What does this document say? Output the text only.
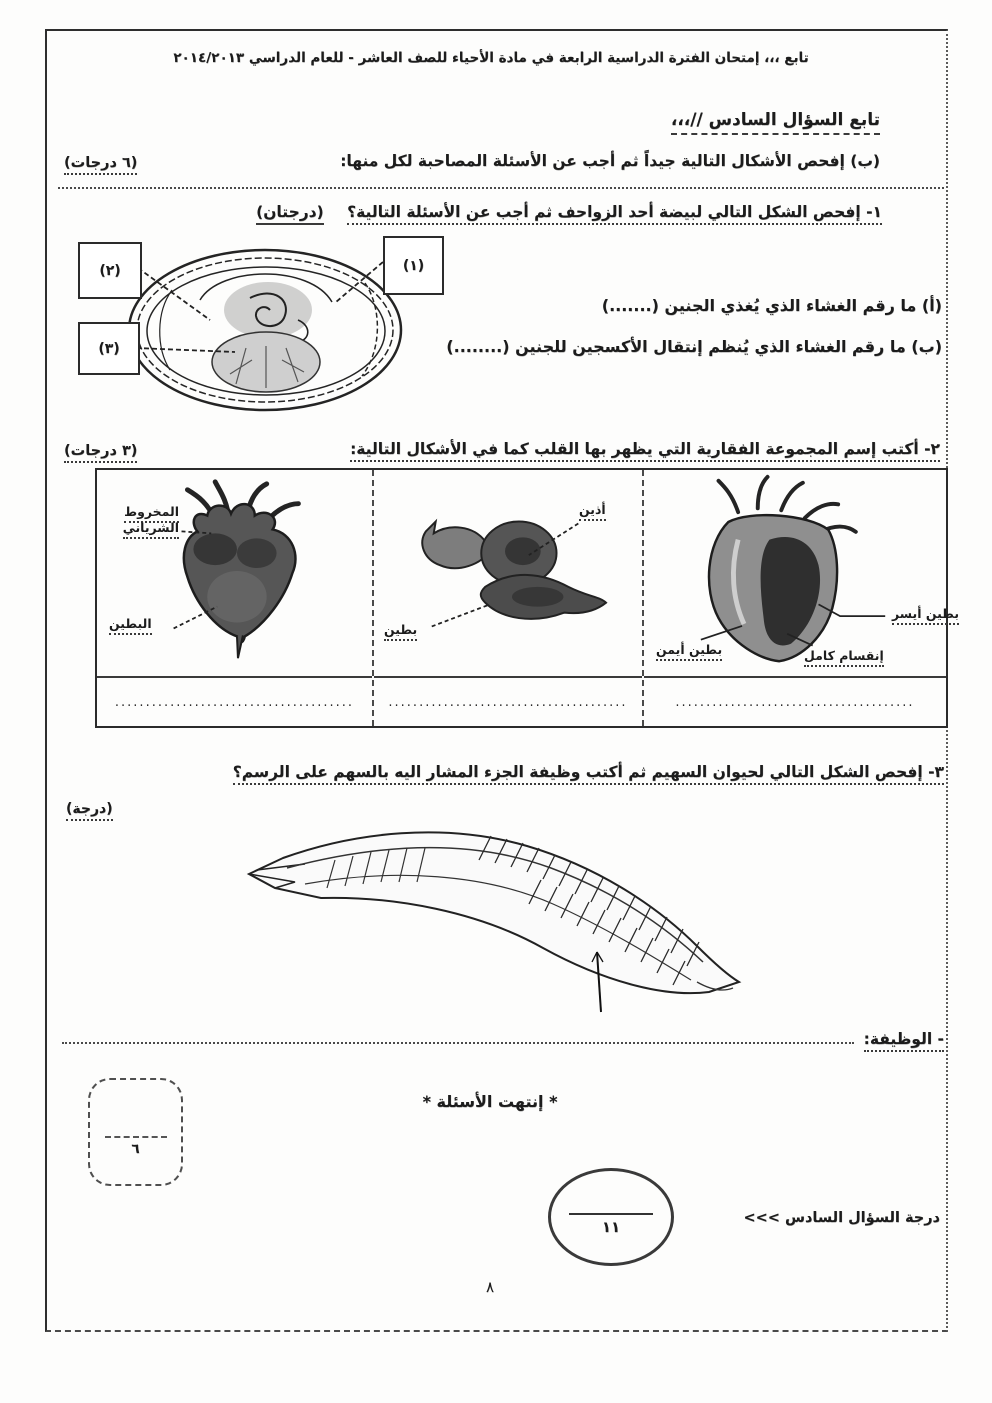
تابع ،،، إمتحان الفترة الدراسية الرابعة في مادة الأحياء للصف العاشر - للعام الدراسي ٢٠١٤/٢٠١٣
تابع السؤال السادس //،،،
(ب) إفحص الأشكال التالية جيداً ثم أجب عن الأسئلة المصاحبة لكل منها:
(٦ درجات)
١- إفحص الشكل التالي لبيضة أحد الزواحف ثم أجب عن الأسئلة التالية؟ (درجتان)
(٢)
(٣)
(١)
(أ) ما رقم الغشاء الذي يُغذي الجنين (.......)
(ب) ما رقم الغشاء الذي يُنظم إنتقال الأكسجين للجنين (........)
٢- أكتب إسم المجموعة الفقارية التي يظهر بها القلب كما في الأشكال التالية:
(٣ درجات)
المخروط الشرياني
البطين
.......................................
أذين
بطين
.......................................
بطين أيسر
بطين أيمن	إنقسام كامل
.......................................
٣- إفحص الشكل التالي لحيوان السهيم ثم أكتب وظيفة الجزء المشار اليه بالسهم على الرسم؟
(درجة)
- الوظيفة:
* إنتهت الأسئلة *
٦
١١	درجة السؤال السادس >>>
٨
